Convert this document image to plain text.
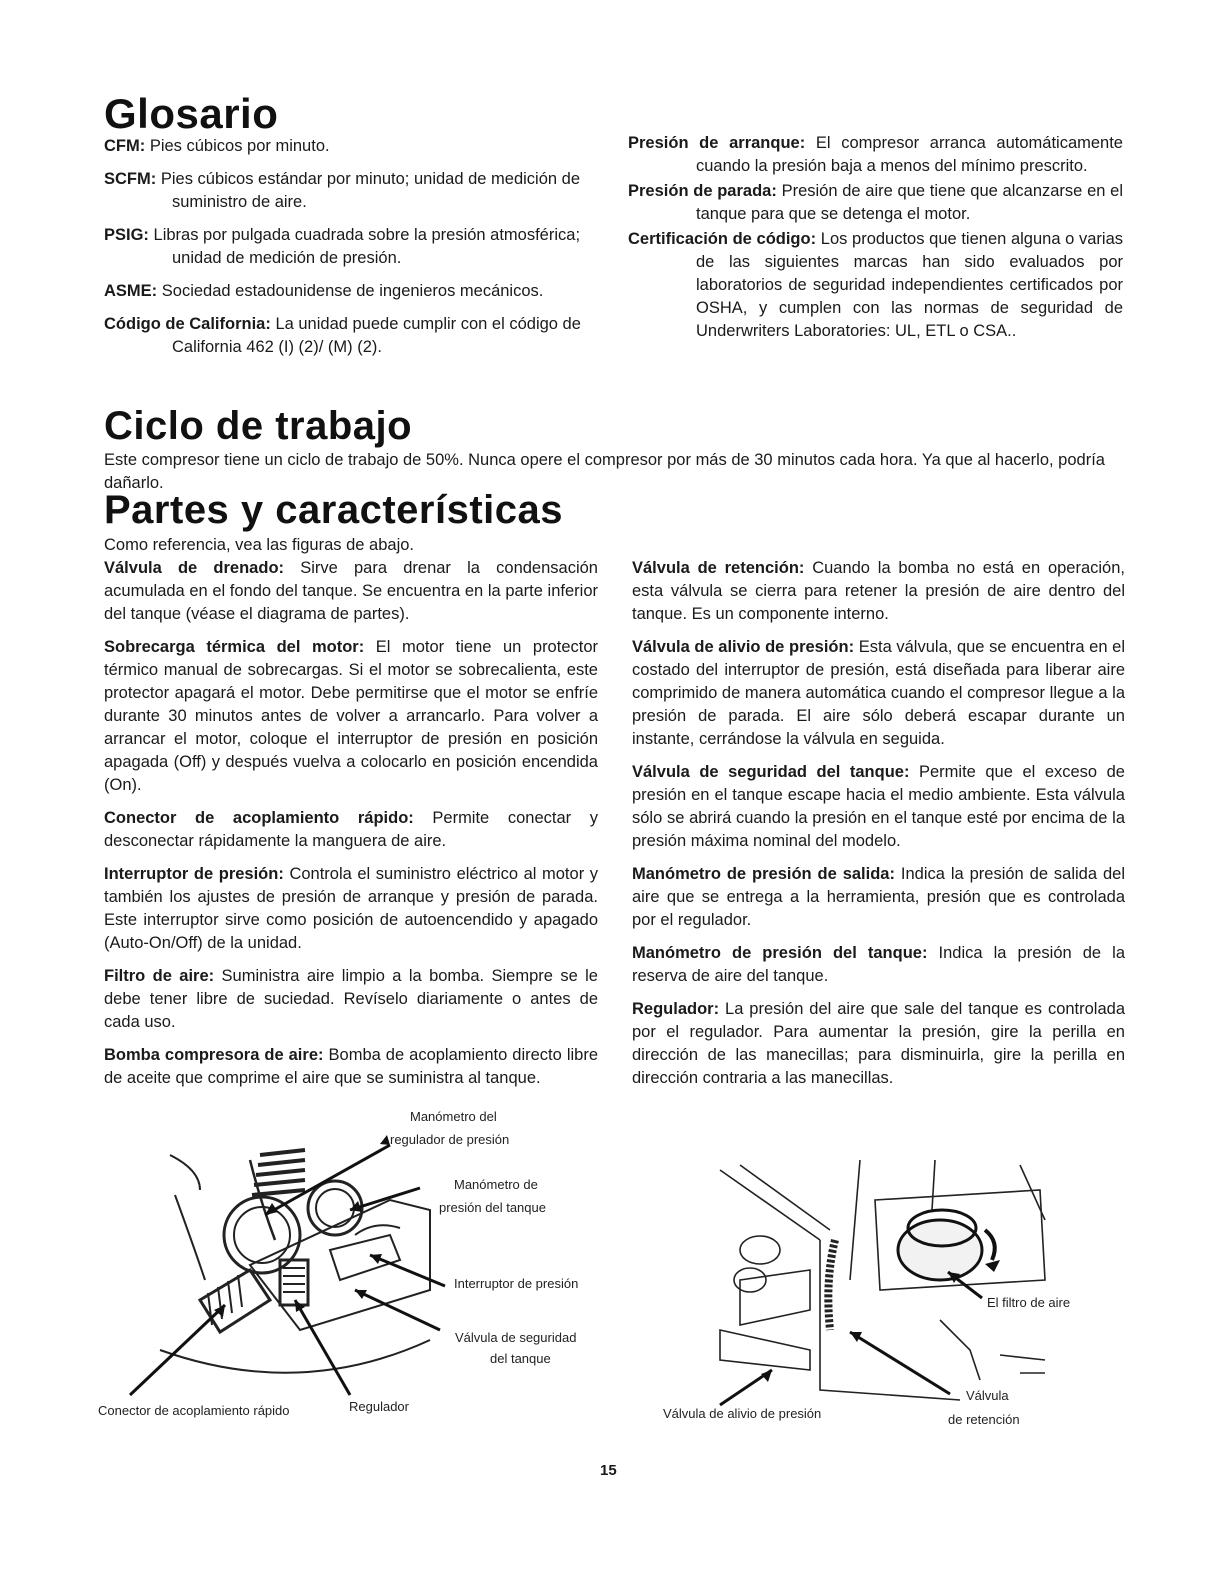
Glosario
CFM: Pies cúbicos por minuto.
SCFM: Pies cúbicos estándar por minuto; unidad de medición de suministro de aire.
PSIG: Libras por pulgada cuadrada sobre la presión atmosférica; unidad de medición de presión.
ASME: Sociedad estadounidense de ingenieros mecánicos.
Código de California: La unidad puede cumplir con el código de California 462 (I) (2)/ (M) (2).
Presión de arranque: El compresor arranca automáticamente cuando la presión baja a menos del mínimo prescrito.
Presión de parada: Presión de aire que tiene que alcanzarse en el tanque para que se detenga el motor.
Certificación de código: Los productos que tienen alguna o varias de las siguientes marcas han sido evaluados por laboratorios de seguridad independientes certificados por OSHA, y cumplen con las normas de seguridad de Underwriters Laboratories: UL, ETL o CSA..
Ciclo de trabajo
Este compresor tiene un ciclo de trabajo de 50%. Nunca opere el compresor por más de 30 minutos cada hora. Ya que al hacerlo, podría dañarlo.
Partes y características
Como referencia, vea las figuras de abajo.

Válvula de drenado: Sirve para drenar la condensación acumulada en el fondo del tanque. Se encuentra en la parte inferior del tanque (véase el diagrama de partes).

Sobrecarga térmica del motor: El motor tiene un protector térmico manual de sobrecargas. Si el motor se sobrecalienta, este protector apagará el motor. Debe permitirse que el motor se enfríe durante 30 minutos antes de volver a arrancarlo. Para volver a arrancar el motor, coloque el interruptor de presión en posición apagada (Off) y después vuelva a colocarlo en posición encendida (On).

Conector de acoplamiento rápido: Permite conectar y desconectar rápidamente la manguera de aire.

Interruptor de presión: Controla el suministro eléctrico al motor y también los ajustes de presión de arranque y presión de parada. Este interruptor sirve como posición de autoencendido y apagado (Auto-On/Off) de la unidad.

Filtro de aire: Suministra aire limpio a la bomba. Siempre se le debe tener libre de suciedad. Revíselo diariamente o antes de cada uso.

Bomba compresora de aire: Bomba de acoplamiento directo libre de aceite que comprime el aire que se suministra al tanque.

Válvula de retención: Cuando la bomba no está en operación, esta válvula se cierra para retener la presión de aire dentro del tanque. Es un componente interno.

Válvula de alivio de presión: Esta válvula, que se encuentra en el costado del interruptor de presión, está diseñada para liberar aire comprimido de manera automática cuando el compresor llegue a la presión de parada. El aire sólo deberá escapar durante un instante, cerrándose la válvula en seguida.

Válvula de seguridad del tanque: Permite que el exceso de presión en el tanque escape hacia el medio ambiente. Esta válvula sólo se abrirá cuando la presión en el tanque esté por encima de la presión máxima nominal del modelo.

Manómetro de presión de salida: Indica la presión de salida del aire que se entrega a la herramienta, presión que es controlada por el regulador.

Manómetro de presión del tanque: Indica la presión de la reserva de aire del tanque.

Regulador: La presión del aire que sale del tanque es controlada por el regulador. Para aumentar la presión, gire la perilla en dirección de las manecillas; para disminuirla, gire la perilla en dirección contraria a las manecillas.

Manómetro del
regulador de presión
Manómetro de
presión del tanque
Interruptor de presión
Válvula de seguridad
del tanque
Conector de acoplamiento rápido	Regulador
El filtro de aire
Válvula de alivio de presión
Válvula
de retención
15
